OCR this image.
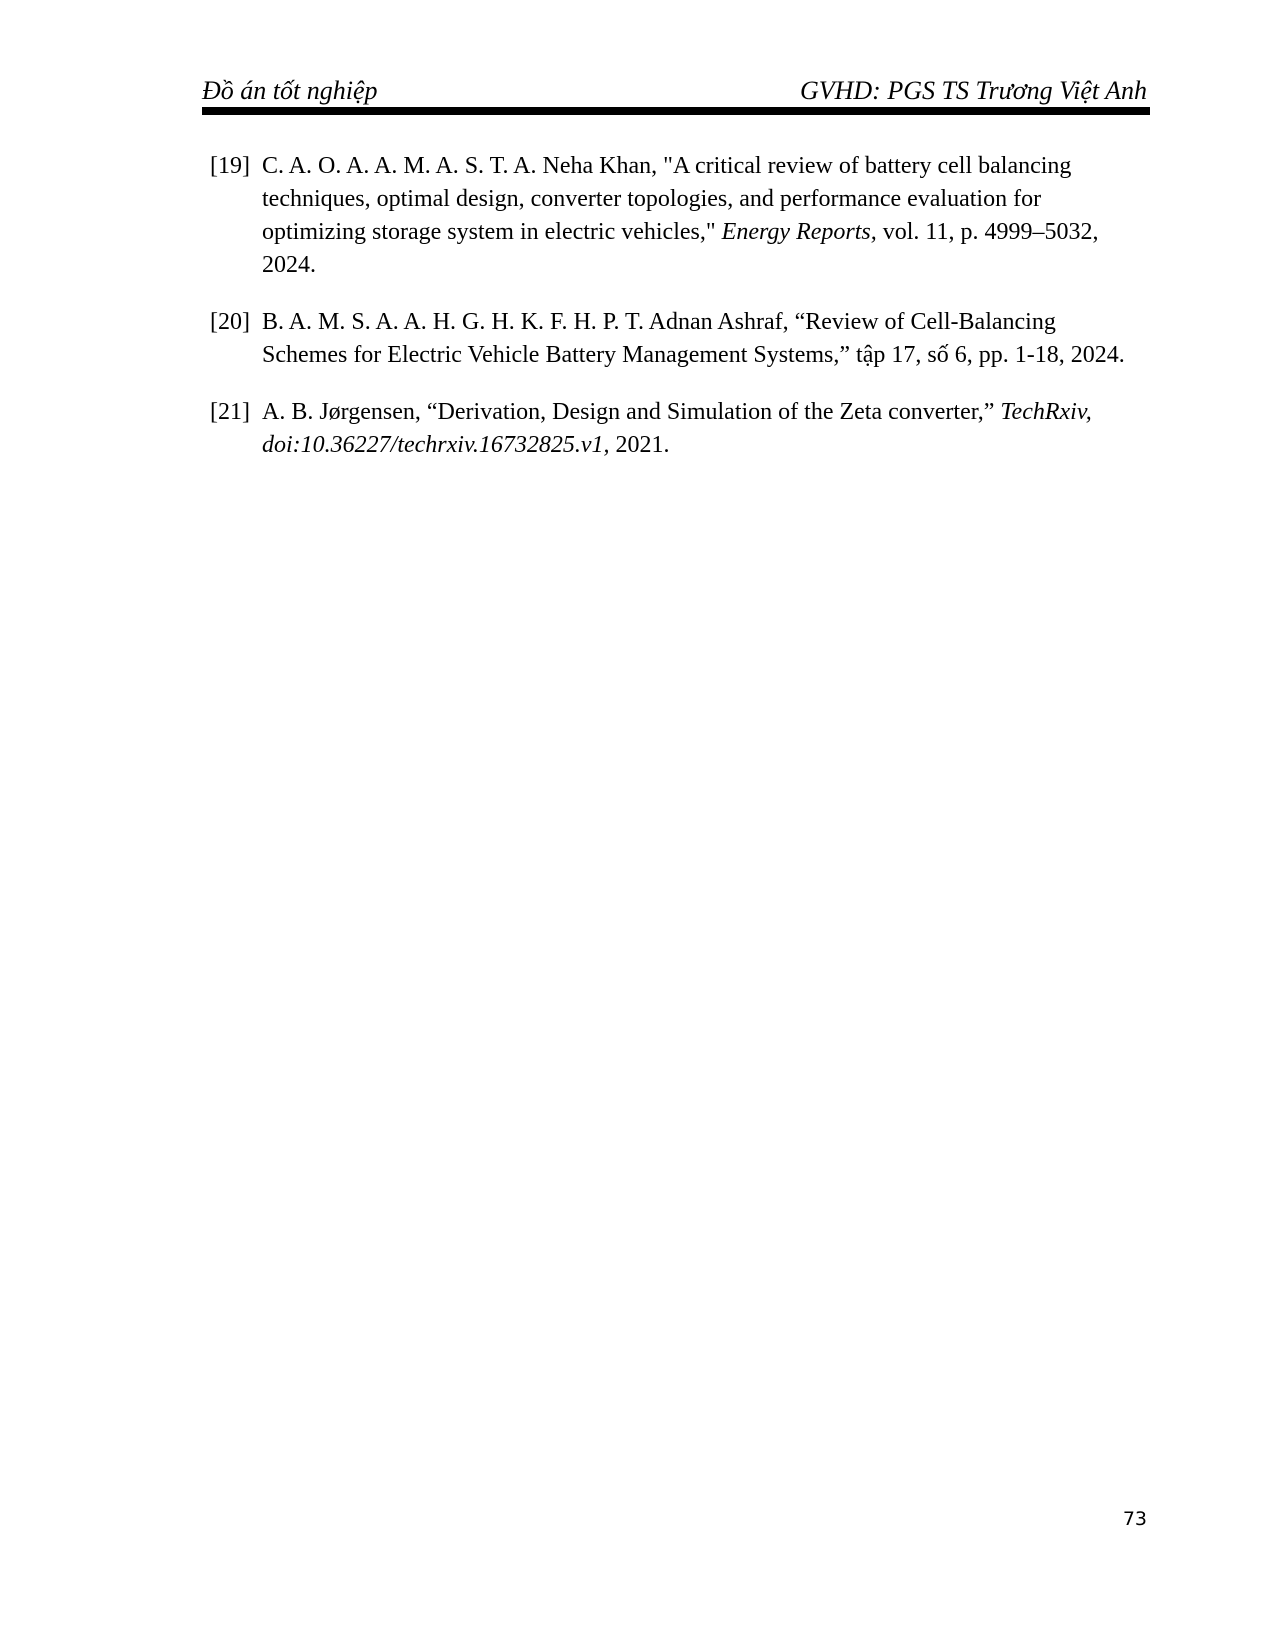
Đồ án tốt nghiệp	GVHD: PGS TS Trương Việt Anh
[19] C. A. O. A. A. M. A. S. T. A. Neha Khan, "A critical review of battery cell balancing techniques, optimal design, converter topologies, and performance evaluation for optimizing storage system in electric vehicles," Energy Reports, vol. 11, p. 4999–5032, 2024.
[20] B. A. M. S. A. A. H. G. H. K. F. H. P. T. Adnan Ashraf, “Review of Cell-Balancing Schemes for Electric Vehicle Battery Management Systems,” tập 17, số 6, pp. 1-18, 2024.
[21] A. B. Jørgensen, “Derivation, Design and Simulation of the Zeta converter,” TechRxiv, doi:10.36227/techrxiv.16732825.v1, 2021.
73
